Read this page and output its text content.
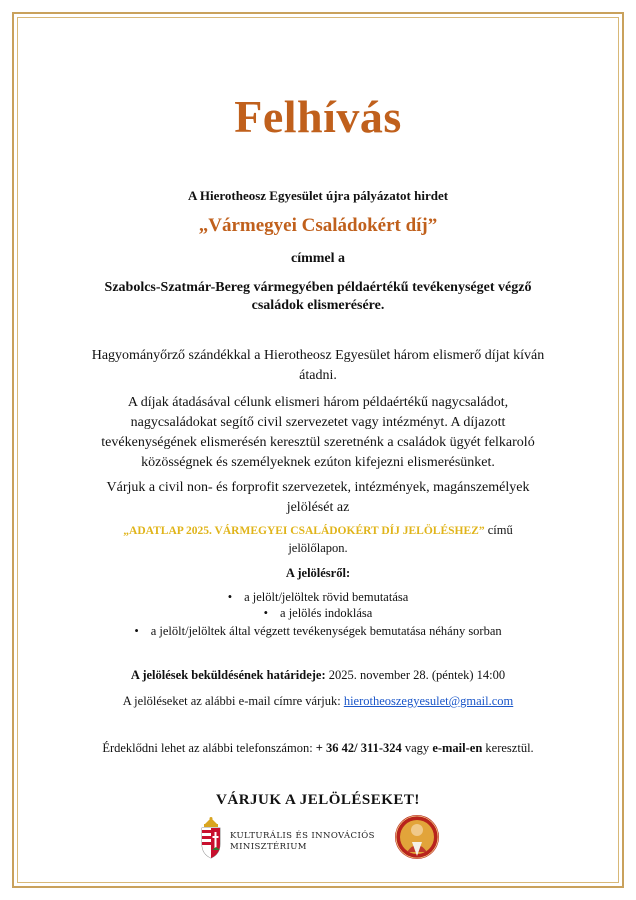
Felhívás
A Hierotheosz Egyesület újra pályázatot hirdet
„Vármegyei Családokért díj”
címmel a
Szabolcs-Szatmár-Bereg vármegyében példaértékű tevékenységet végző
családok elismerésére.
Hagyományőrző szándékkal a Hierotheosz Egyesület három elismerő díjat kíván
átadni.
A díjak átadásával célunk elismeri három példaértékű nagycsaládot,
nagycsaládokat segítő civil szervezetet vagy intézményt. A díjazott
tevékenységének elismerésén keresztül szeretnénk a családok ügyét felkaroló
közösségnek és személyeknek ezúton kifejezni elismerésünket.
Várjuk a civil non- és forprofit szervezetek, intézmények, magánszemélyek
jelölését az
„ADATLAP 2025. VÁRMEGYEI CSALÁDOKÉRT DÍJ JELÖLÉSHEZ” című
jelölőlapon.
A jelölésről:
• a jelölt/jelöltek rövid bemutatása
• a jelölés indoklása
• a jelölt/jelöltek által végzett tevékenységek bemutatása néhány sorban
A jelölések beküldésének határideje: 2025. november 28. (péntek) 14:00
A jelöléseket az alábbi e-mail címre várjuk: hierotheoszegyesulet@gmail.com
Érdeklődni lehet az alábbi telefonszámon: + 36 42/ 311-324 vagy e-mail-en keresztül.
VÁRJUK A JELÖLÉSEKET!
KULTURÁLIS ÉS INNOVÁCIÓS
MINISZTÉRIUM
